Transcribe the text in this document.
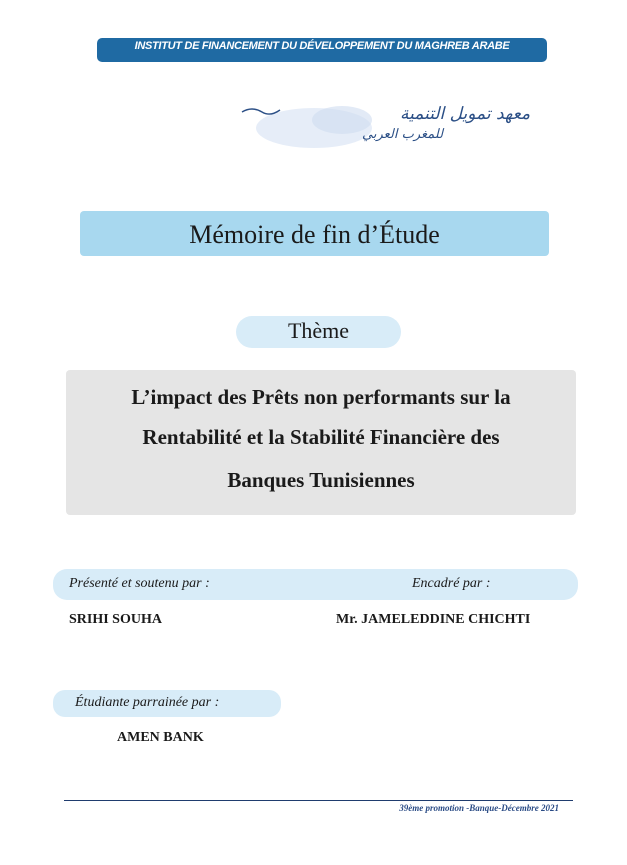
INSTITUT DE FINANCEMENT DU DÉVELOPPEMENT DU MAGHREB ARABE
معهد تمويل التنمية
للمغرب العربي
Mémoire de fin d’Étude
Thème
L’impact des Prêts non performants sur la
Rentabilité et la Stabilité Financière des
Banques Tunisiennes
Présenté et soutenu par :	Encadré par :
SRIHI SOUHA	Mr. JAMELEDDINE CHICHTI
Étudiante parrainée par :
AMEN BANK
39ème promotion -Banque-Décembre 2021
